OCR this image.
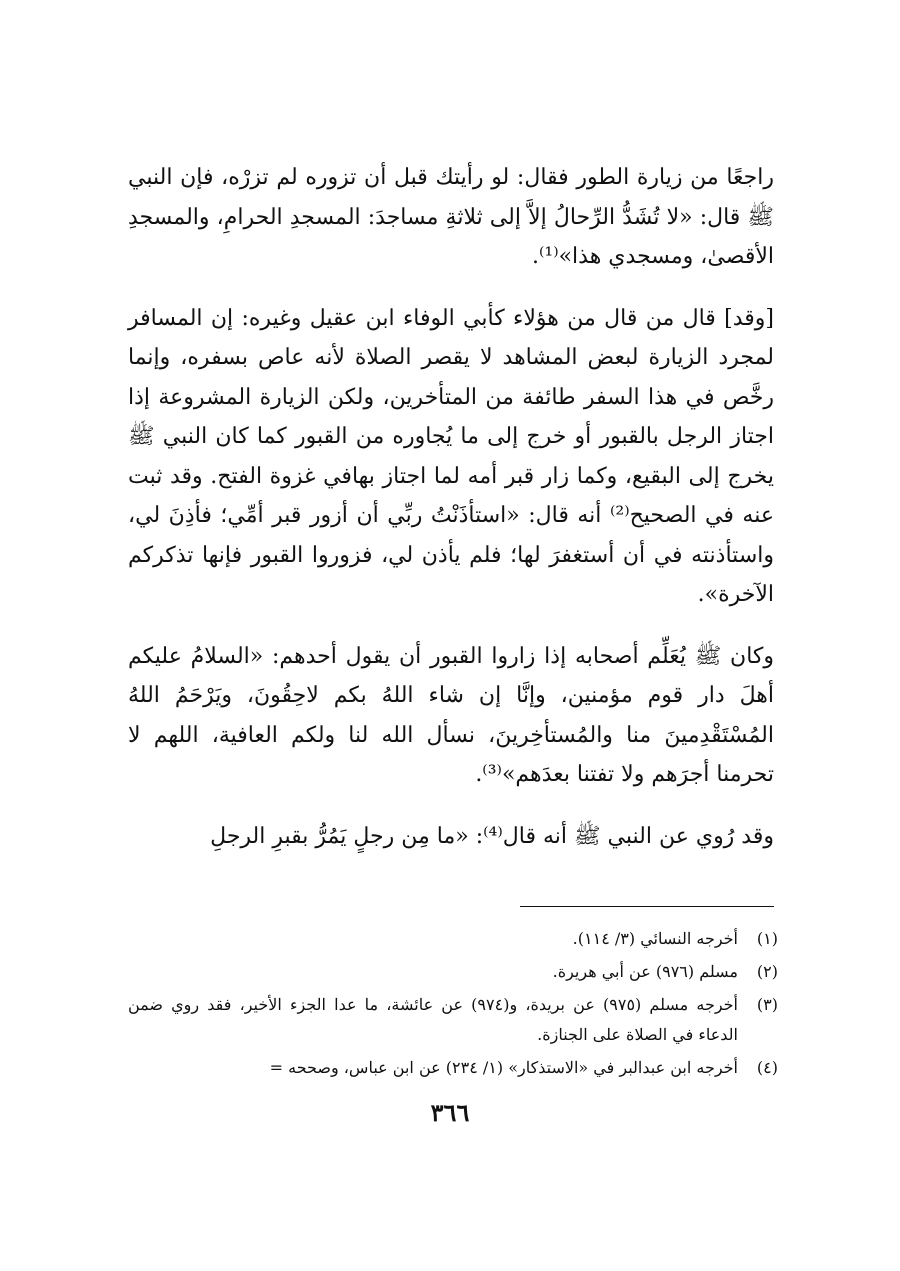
راجعًا من زيارة الطور فقال: لو رأيتك قبل أن تزوره لم تزرْه، فإن النبي ﷺ قال: «لا تُشَدُّ الرِّحالُ إلاَّ إلى ثلاثةِ مساجدَ: المسجدِ الحرامِ، والمسجدِ الأقصىٰ، ومسجدي هذا»⁽¹⁾.

[وقد] قال من قال من هؤلاء كأبي الوفاء ابن عقيل وغيره: إن المسافر لمجرد الزيارة لبعض المشاهد لا يقصر الصلاة لأنه عاص بسفره، وإنما رخَّص في هذا السفر طائفة من المتأخرين، ولكن الزيارة المشروعة إذا اجتاز الرجل بالقبور أو خرج إلى ما يُجاوره من القبور كما كان النبي ﷺ يخرج إلى البقيع، وكما زار قبر أمه لما اجتاز بهافي غزوة الفتح. وقد ثبت عنه في الصحيح⁽²⁾ أنه قال: «استأذَنْتُ ربِّي أن أزور قبر أمِّي؛ فأذِنَ لي، واستأذنته في أن أستغفرَ لها؛ فلم يأذن لي، فزوروا القبور فإنها تذكركم الآخرة».

وكان ﷺ يُعَلِّم أصحابه إذا زاروا القبور أن يقول أحدهم: «السلامُ عليكم أهلَ دار قوم مؤمنين، وإنَّا إن شاء اللهُ بكم لاحِقُونَ، ويَرْحَمُ اللهُ المُسْتَقْدِمينَ منا والمُستأخِرينَ، نسأل الله لنا ولكم العافية، اللهم لا تحرمنا أجرَهم ولا تفتنا بعدَهم»⁽³⁾.

وقد رُوي عن النبي ﷺ أنه قال⁽⁴⁾: «ما مِن رجلٍ يَمُرُّ بقبرِ الرجلِ

(١)
أخرجه النسائي (٣/ ١١٤).
(٢)
مسلم (٩٧٦) عن أبي هريرة.
(٣)
أخرجه مسلم (٩٧٥) عن بريدة، و(٩٧٤) عن عائشة، ما عدا الجزء الأخير، فقد روي ضمن الدعاء في الصلاة على الجنازة.
(٤)
أخرجه ابن عبدالبر في «الاستذكار» (١/ ٢٣٤) عن ابن عباس، وصححه =
٣٦٦
